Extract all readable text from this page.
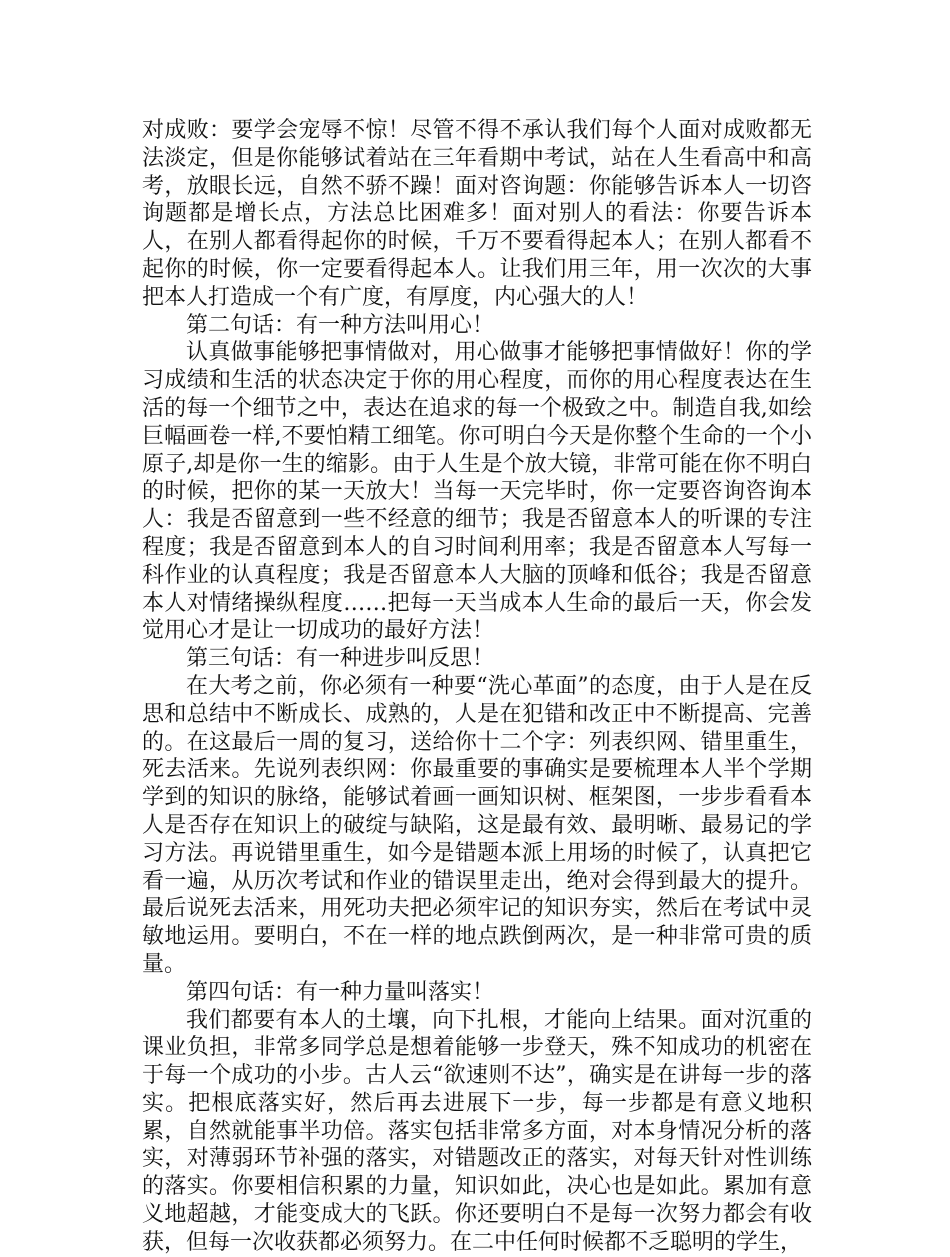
对成败：要学会宠辱不惊！尽管不得不承认我们每个人面对成败都无法淡定，但是你能够试着站在三年看期中考试，站在人生看高中和高考，放眼长远，自然不骄不躁！面对咨询题：你能够告诉本人一切咨询题都是增长点，方法总比困难多！面对别人的看法：你要告诉本人，在别人都看得起你的时候，千万不要看得起本人；在别人都看不起你的时候，你一定要看得起本人。让我们用三年，用一次次的大事把本人打造成一个有广度，有厚度，内心强大的人！

第二句话：有一种方法叫用心！

认真做事能够把事情做对，用心做事才能够把事情做好！你的学习成绩和生活的状态决定于你的用心程度，而你的用心程度表达在生活的每一个细节之中，表达在追求的每一个极致之中。制造自我,如绘巨幅画卷一样,不要怕精工细笔。你可明白今天是你整个生命的一个小原子,却是你一生的缩影。由于人生是个放大镜，非常可能在你不明白的时候，把你的某一天放大！当每一天完毕时，你一定要咨询咨询本人：我是否留意到一些不经意的细节；我是否留意本人的听课的专注程度；我是否留意到本人的自习时间利用率；我是否留意本人写每一科作业的认真程度；我是否留意本人大脑的顶峰和低谷；我是否留意本人对情绪操纵程度……把每一天当成本人生命的最后一天，你会发觉用心才是让一切成功的最好方法！

第三句话：有一种进步叫反思！

在大考之前，你必须有一种要“洗心革面”的态度，由于人是在反思和总结中不断成长、成熟的，人是在犯错和改正中不断提高、完善的。在这最后一周的复习，送给你十二个字：列表织网、错里重生，死去活来。先说列表织网：你最重要的事确实是要梳理本人半个学期学到的知识的脉络，能够试着画一画知识树、框架图，一步步看看本人是否存在知识上的破绽与缺陷，这是最有效、最明晰、最易记的学习方法。再说错里重生，如今是错题本派上用场的时候了，认真把它看一遍，从历次考试和作业的错误里走出，绝对会得到最大的提升。最后说死去活来，用死功夫把必须牢记的知识夯实，然后在考试中灵敏地运用。要明白，不在一样的地点跌倒两次，是一种非常可贵的质量。

第四句话：有一种力量叫落实！

我们都要有本人的土壤，向下扎根，才能向上结果。面对沉重的课业负担，非常多同学总是想着能够一步登天，殊不知成功的机密在于每一个成功的小步。古人云“欲速则不达”，确实是在讲每一步的落实。把根底落实好，然后再去进展下一步，每一步都是有意义地积累，自然就能事半功倍。落实包括非常多方面，对本身情况分析的落实，对薄弱环节补强的落实，对错题改正的落实，对每天针对性训练的落实。你要相信积累的力量，知识如此，决心也是如此。累加有意义地超越，才能变成大的飞跃。你还要明白不是每一次努力都会有收获，但每一次收获都必须努力。在二中任何时候都不乏聪明的学生，
